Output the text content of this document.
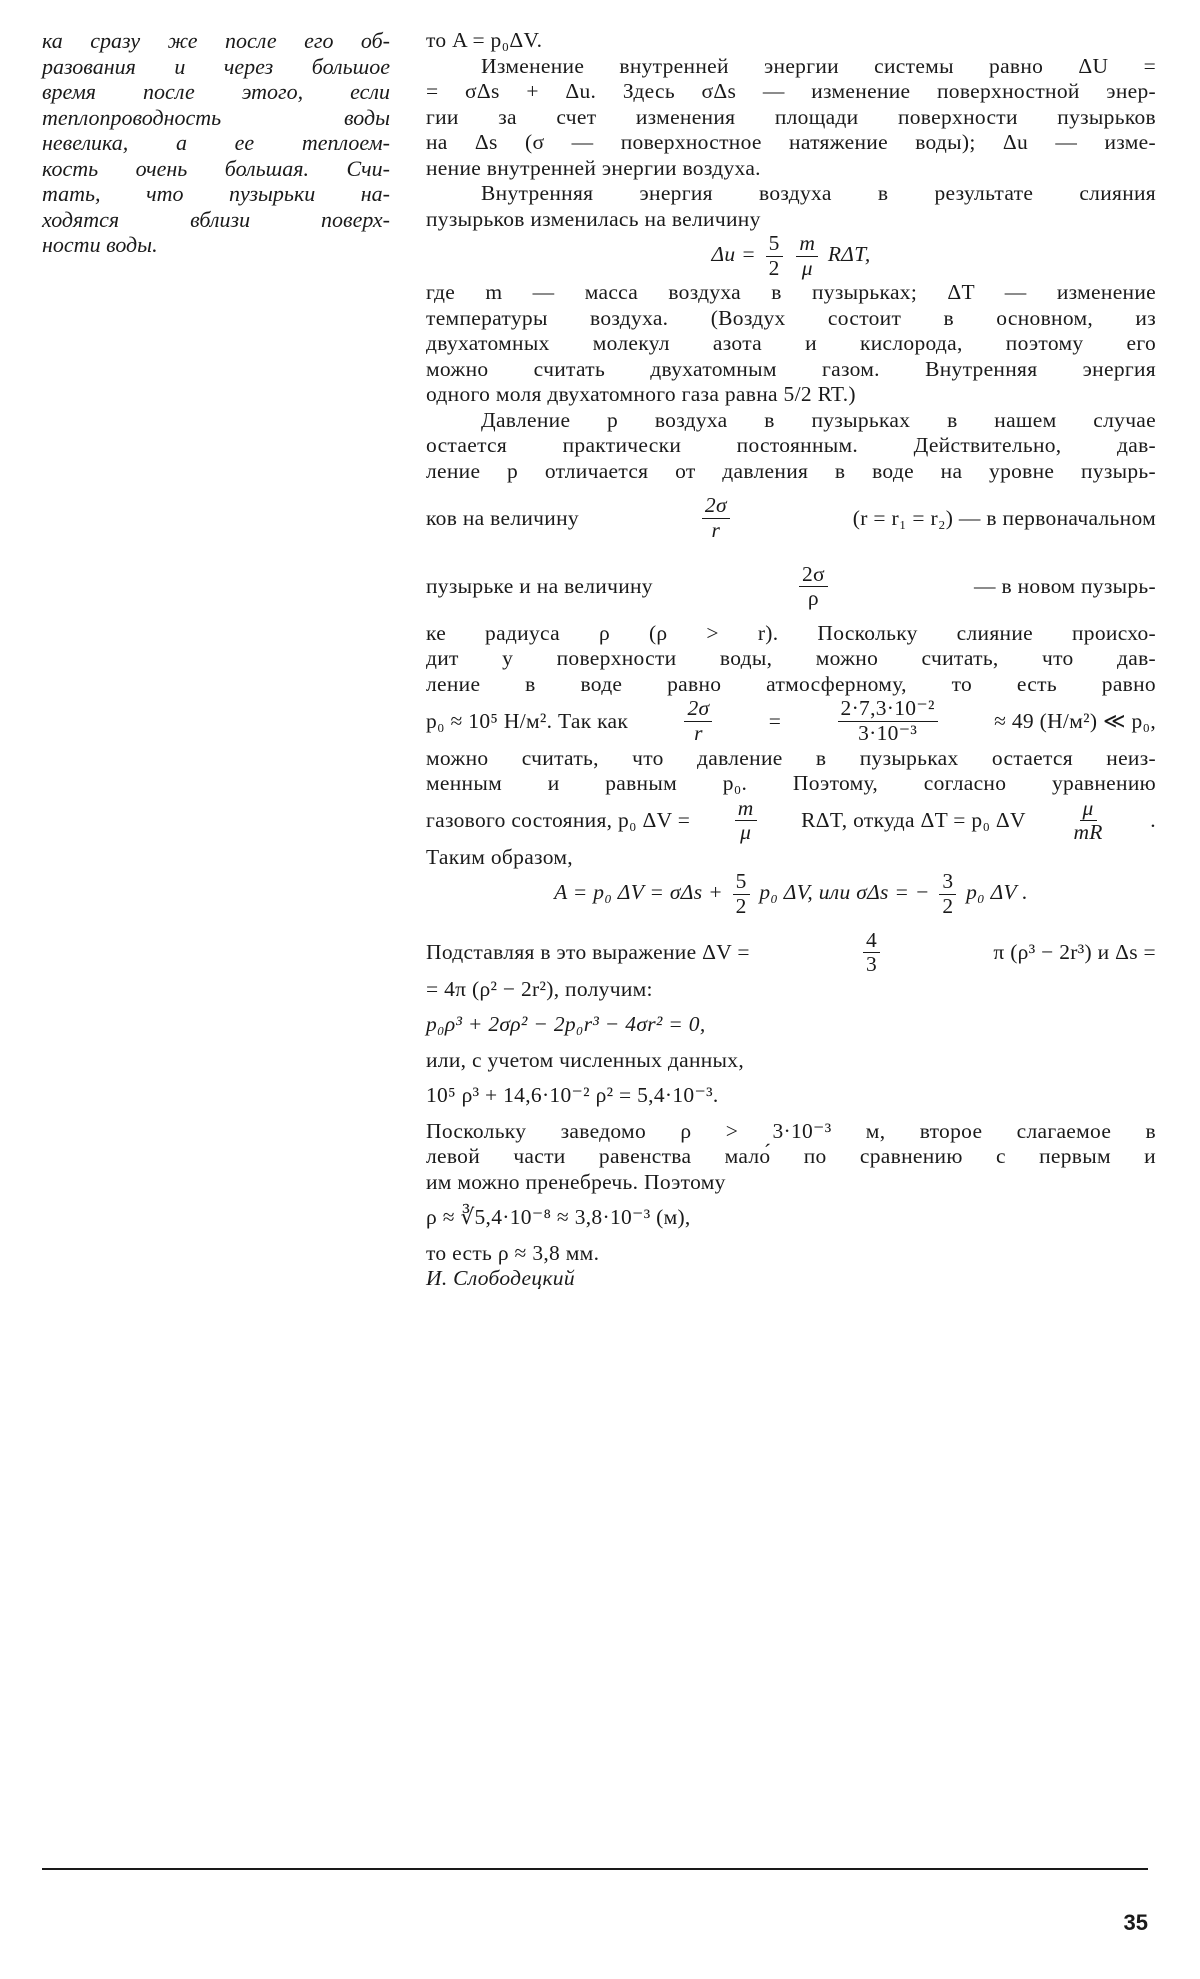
ка сразу же после его об-
разования и через большое
время после этого, если
теплопроводность воды
невелика, а ее теплоем-
кость очень большая. Счи-
тать, что пузырьки на-
ходятся вблизи поверх-
ности воды.

то A = p₀ΔV.

Изменение внутренней энергии системы равно ΔU =

= σΔs + Δu. Здесь σΔs — изменение поверхностной энер-

гии за счет изменения площади поверхности пузырьков

на Δs (σ — поверхностное натяжение воды); Δu — изме-

нение внутренней энергии воздуха.

Внутренняя энергия воздуха в результате слияния

пузырьков изменилась на величину

$\Delta u = \frac{5}{2}$
$\frac{m}{\mu} R\Delta T$,

где m — масса воздуха в пузырьках; ΔT — изменение

температуры воздуха. (Воздух состоит в основном, из

двухатомных молекул азота и кислорода, поэтому его

можно считать двухатомным газом. Внутренняя энергия

одного моля двухатомного газа равна 5/2 RT.)

Давление p воздуха в пузырьках в нашем случае

остается практически постоянным. Действительно, дав-

ление p отличается от давления в воде на уровне пузырь-

ков на величину	$\frac{2\sigma}{r}$	(r = r₁ = r₂) — в первоначальном
пузырьке и на величину	$\frac{2\sigma}{\rho}$	— в новом пузырь-

ке радиуса ρ (ρ > r). Поскольку слияние происхо-

дит у поверхности воды, можно считать, что дав-

ление в воде равно атмосферному, то есть равно

p₀ ≈ 10⁵ Н/м². Так как	$\frac{2\sigma}{r}$	=	$\frac{\text{2·7,3·10⁻²}}{\text{3·10⁻³}}$	≈ 49 (Н/м²) ≪ p₀,

можно считать, что давление в пузырьках остается неиз-

менным и равным p₀. Поэтому, согласно уравнению

газового состояния, p₀ $\Delta V = \frac{m}{\mu} R\Delta T$, откуда ΔT = p₀ ΔV $\frac{\mu}{mR}$ .

Таким образом,

A = p₀ $\Delta V = \sigma\Delta s + \frac{5}{2} p_0$ ΔV, или σΔs = − $\frac{3}{2} p_0$ ΔV .
Подставляя в это выражение ΔV =	$\frac{4}{3}$	π (ρ³ − 2r³) и Δs =

= 4π (ρ² − 2r²), получим:

p₀ρ³ + 2σρ² − 2p₀r³ − 4σr² = 0,

или, с учетом численных данных,

10⁵ ρ³ + 14,6·10⁻² ρ² = 5,4·10⁻³.

Поскольку заведомо ρ > 3·10⁻³ м, второе слагаемое в

левой части равенства мало́ по сравнению с первым и

им можно пренебречь. Поэтому

ρ ≈ ∛5,4·10⁻⁸ ≈ 3,8·10⁻³ (м),

то есть ρ ≈ 3,8 мм.

И. Слободецкий

35
